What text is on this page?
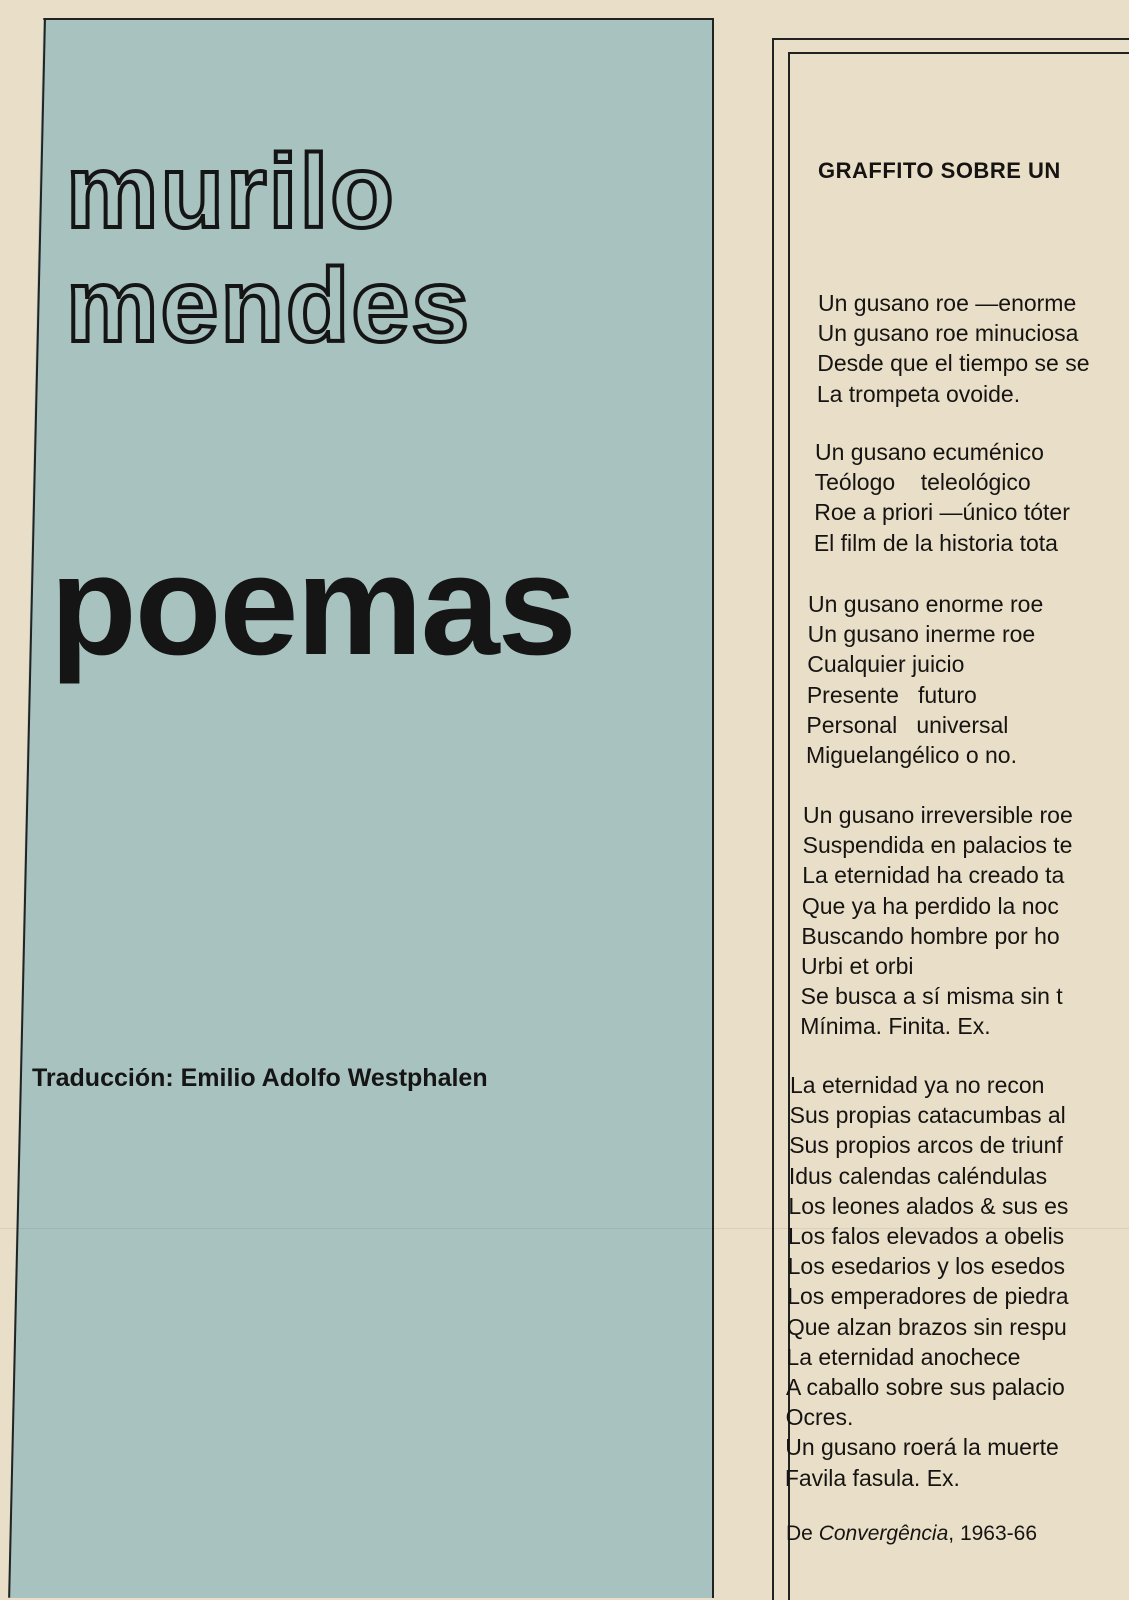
murilo
mendes
poemas
Traducción: Emilio Adolfo Westphalen
GRAFFITO SOBRE UN
Un gusano roe —enorme
Un gusano roe minuciosa
Desde que el tiempo se se
La trompeta ovoide.
Un gusano ecuménico
Teólogo    teleológico
Roe a priori —único tóter
El film de la historia tota
Un gusano enorme roe
Un gusano inerme roe
Cualquier juicio
Presente   futuro
Personal   universal
Miguelangélico o no.
Un gusano irreversible roe
Suspendida en palacios te
La eternidad ha creado ta
Que ya ha perdido la noc
Buscando hombre por ho
Urbi et orbi
Se busca a sí misma sin t
Mínima. Finita. Ex.
La eternidad ya no recon
Sus propias catacumbas al
Sus propios arcos de triunf
Idus calendas caléndulas
Los leones alados & sus es
Los falos elevados a obelis
Los esedarios y los esedos
Los emperadores de piedra
Que alzan brazos sin respu
La eternidad anochece
A caballo sobre sus palacio
Ocres.
Un gusano roerá la muerte
Favila fasula. Ex.
De Convergência, 1963-66
